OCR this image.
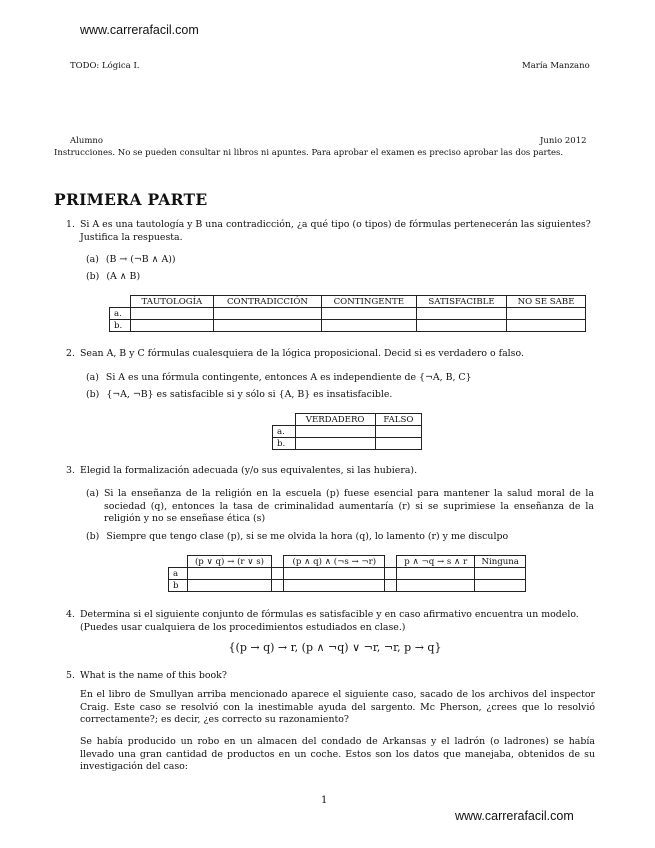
www.carrerafacil.com
TODO: Lógica I.	María Manzano
Alumno	Junio 2012
Instrucciones. No se pueden consultar ni libros ni apuntes. Para aprobar el examen es preciso aprobar las dos partes.
PRIMERA PARTE
1. Si A es una tautología y B una contradicción, ¿a qué tipo (o tipos) de fórmulas pertenecerán las siguientes? Justifica la respuesta.
(a) (B → (¬B ∧ A))
(b) (A ∧ B)
	TAUTOLOGÍA	CONTRADICCIÓN	CONTINGENTE	SATISFACIBLE	NO SE SABE
a.					
b.					
2. Sean A, B y C fórmulas cualesquiera de la lógica proposicional. Decid si es verdadero o falso.
(a) Si A es una fórmula contingente, entonces A es independiente de {¬A, B, C}
(b) {¬A, ¬B} es satisfacible si y sólo si {A, B} es insatisfacible.
	VERDADERO	FALSO
a.		
b.		
3. Elegid la formalización adecuada (y/o sus equivalentes, si las hubiera).
(a) Si la enseñanza de la religión en la escuela (p) fuese esencial para mantener la salud moral de la sociedad (q), entonces la tasa de criminalidad aumentaría (r) si se suprimiese la enseñanza de la religión y no se enseñase ética (s)
(b) Siempre que tengo clase (p), si se me olvida la hora (q), lo lamento (r) y me disculpo
	(p ∨ q) → (r ∨ s)		(p ∧ q) ∧ (¬s → ¬r)		p ∧ ¬q → s ∧ r	Ninguna
a						
b						
4. Determina si el siguiente conjunto de fórmulas es satisfacible y en caso afirmativo encuentra un modelo. (Puedes usar cualquiera de los procedimientos estudiados en clase.)
{(p → q) → r, (p ∧ ¬q) ∨ ¬r, ¬r, p → q}
5. What is the name of this book?
En el libro de Smullyan arriba mencionado aparece el siguiente caso, sacado de los archivos del inspector Craig. Este caso se resolvió con la inestimable ayuda del sargento. Mc Pherson, ¿crees que lo resolvió correctamente?; es decir, ¿es correcto su razonamiento?
Se había producido un robo en un almacen del condado de Arkansas y el ladrón (o ladrones) se había llevado una gran cantidad de productos en un coche. Estos son los datos que manejaba, obtenidos de su investigación del caso:
1
www.carrerafacil.com
